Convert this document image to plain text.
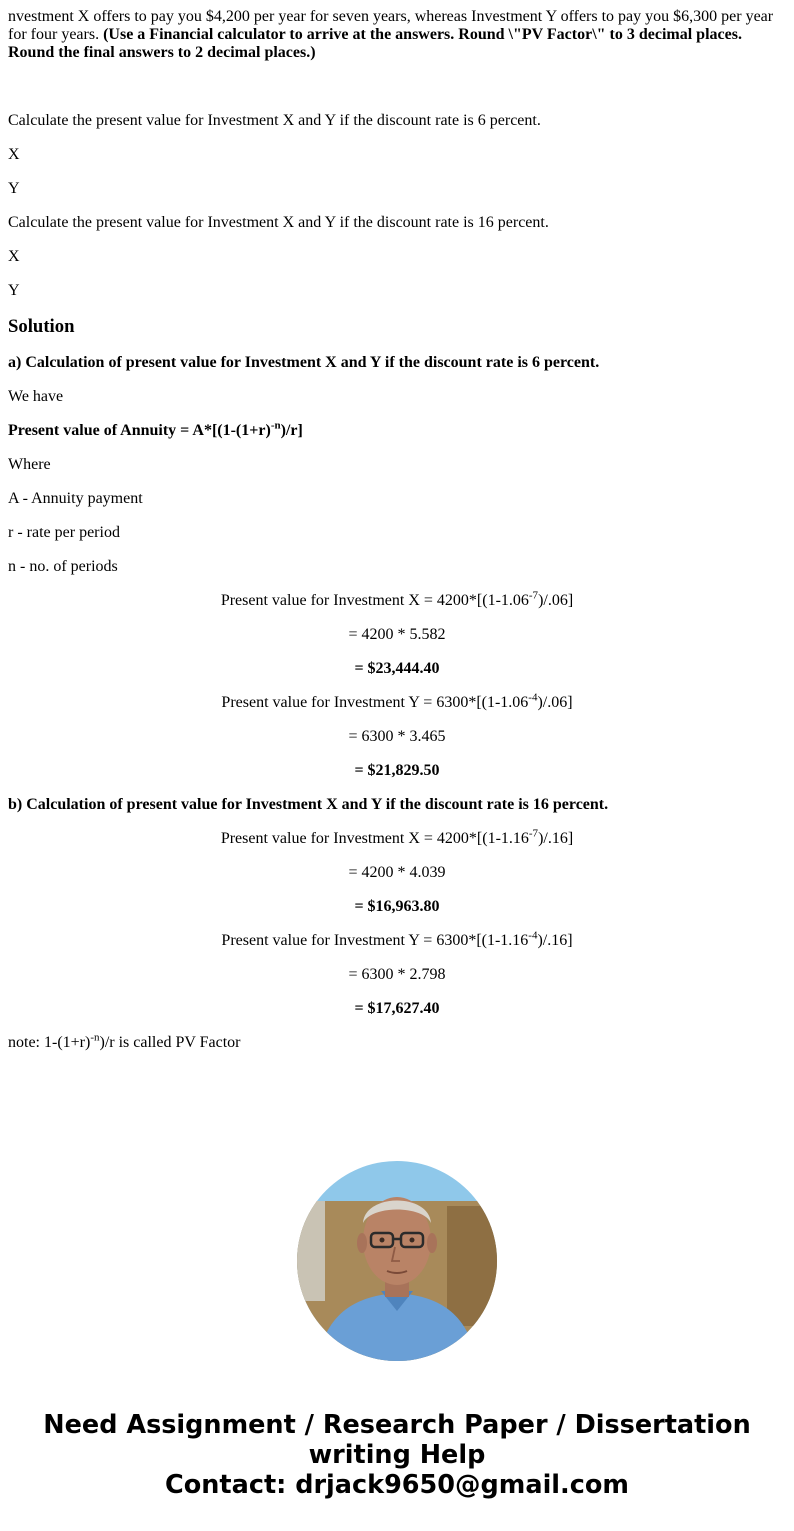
nvestment X offers to pay you $4,200 per year for seven years, whereas Investment Y offers to pay you $6,300 per year for four years. (Use a Financial calculator to arrive at the answers. Round \"PV Factor\" to 3 decimal places. Round the final answers to 2 decimal places.)

Calculate the present value for Investment X and Y if the discount rate is 6 percent.

X

Y

Calculate the present value for Investment X and Y if the discount rate is 16 percent.

X

Y

Solution

a) Calculation of present value for Investment X and Y if the discount rate is 6 percent.

We have

Present value of Annuity = $A*[(1-(1+r)^{-n})/r]$

Where

A - Annuity payment

r - rate per period

n - no. of periods

Present value for Investment $X = 4200*[(1-1.06^{-7})/.06]$

= 4200 * 5.582

= $23,444.40

Present value for Investment $Y = 6300*[(1-1.06^{-4})/.06]$

= 6300 * 3.465

= $21,829.50

b) Calculation of present value for Investment X and Y if the discount rate is 16 percent.

Present value for Investment $X = 4200*[(1-1.16^{-7})/.16]$

= 4200 * 4.039

= $16,963.80

Present value for Investment $Y = 6300*[(1-1.16^{-4})/.16]$

= 6300 * 2.798

= $17,627.40

note: $1-(1+r)^{-n})/r$ is called PV Factor

Need Assignment / Research Paper / Dissertation
writing Help
Contact: drjack9650@gmail.com
